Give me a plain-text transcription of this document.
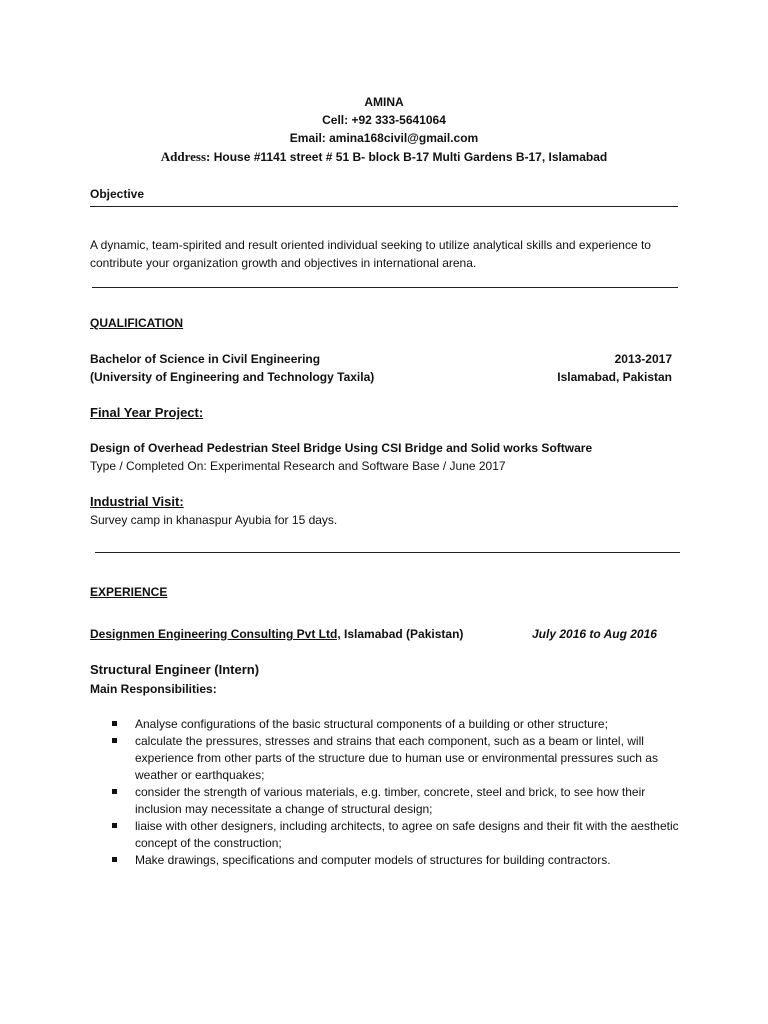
AMINA
Cell: +92 333-5641064
Email: amina168civil@gmail.com
Address: House #1141 street # 51 B- block B-17 Multi Gardens B-17, Islamabad
Objective
A dynamic, team-spirited and result oriented individual seeking to utilize analytical skills and experience to contribute your organization growth and objectives in international arena.
QUALIFICATION
Bachelor of Science in Civil Engineering	2013-2017
(University of Engineering and Technology Taxila)	Islamabad, Pakistan
Final Year Project:
Design of Overhead Pedestrian Steel Bridge Using CSI Bridge and Solid works Software
Type / Completed On: Experimental Research and Software Base / June 2017
Industrial Visit:
Survey camp in khanaspur Ayubia for 15 days.
EXPERIENCE
Designmen Engineering Consulting Pvt Ltd, Islamabad (Pakistan)	July 2016 to Aug 2016
Structural Engineer (Intern)
Main Responsibilities:
Analyse configurations of the basic structural components of a building or other structure;
calculate the pressures, stresses and strains that each component, such as a beam or lintel, will experience from other parts of the structure due to human use or environmental pressures such as weather or earthquakes;
consider the strength of various materials, e.g. timber, concrete, steel and brick, to see how their inclusion may necessitate a change of structural design;
liaise with other designers, including architects, to agree on safe designs and their fit with the aesthetic concept of the construction;
Make drawings, specifications and computer models of structures for building contractors.
